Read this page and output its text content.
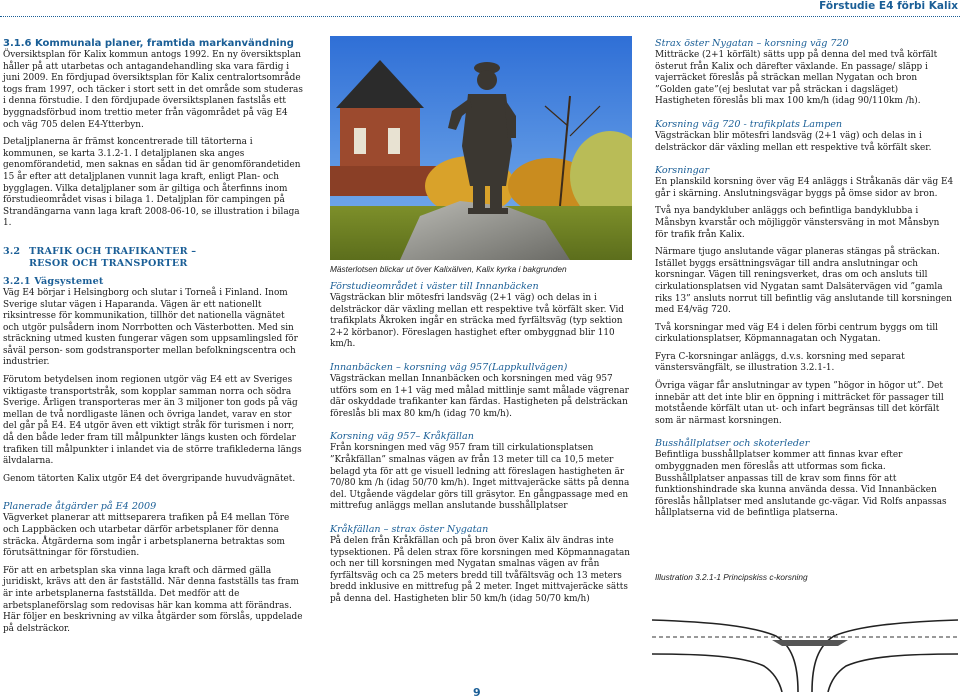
Förstudie E4 förbi Kalix
3.1.6 Kommunala planer, framtida markanvändning

Översiktsplan för Kalix kommun antogs 1992. En ny översiktsplan håller på att utarbetas och antagandehandling ska vara färdig i juni 2009. En fördjupad översiktsplan för Kalix centralortsområde togs fram 1997, och täcker i stort sett in det område som studeras i denna förstudie. I den fördjupade översiktsplanen fastslås ett byggnadsförbud inom trettio meter från vägområdet på väg E4 och väg 705 delen E4-Ytterbyn.

Detaljplanerna är främst koncentrerade till tätorterna i kommunen, se karta 3.1.2-1. I detaljplanen ska anges genomförandetid, men saknas en sådan tid är genomförandetiden 15 år efter att detaljplanen vunnit laga kraft, enligt Plan- och bygglagen. Vilka detaljplaner som är giltiga och återfinns inom förstudieområdet visas i bilaga 1. Detaljplan för campingen på Strandängarna vann laga kraft 2008-06-10, se illustration i bilaga 1.

3.2 TRAFIK OCH TRAFIKANTER –
RESOR OCH TRANSPORTER
3.2.1 Vägsystemet

Väg E4 börjar i Helsingborg och slutar i Torneå i Finland. Inom Sverige slutar vägen i Haparanda. Vägen är ett nationellt riksintresse för kommunikation, tillhör det nationella vägnätet och utgör pulsådern inom Norrbotten och Västerbotten. Med sin sträckning utmed kusten fungerar vägen som uppsamlingsled för såväl person- som godstransporter mellan befolkningscentra och industrier.

Förutom betydelsen inom regionen utgör väg E4 ett av Sveriges viktigaste transportstråk, som kopplar samman norra och södra Sverige. Årligen transporteras mer än 3 miljoner ton gods på väg mellan de två nordligaste länen och övriga landet, varav en stor del går på E4. E4 utgör även ett viktigt stråk för turismen i norr, då den både leder fram till målpunkter längs kusten och fördelar trafiken till målpunkter i inlandet via de större trafiklederna längs älvdalarna.

Genom tätorten Kalix utgör E4 det övergripande huvudvägnätet.

Planerade åtgärder på E4 2009

Vägverket planerar att mittseparera trafiken på E4 mellan Töre och Lappbäcken och utarbetar därför arbetsplaner för denna sträcka. Åtgärderna som ingår i arbetsplanerna betraktas som förutsättningar för förstudien.

För att en arbetsplan ska vinna laga kraft och därmed gälla juridiskt, krävs att den är fastställd. När denna fastställs tas fram är inte arbetsplanerna fastställda. Det medför att de arbetsplaneförslag som redovisas här kan komma att förändras. Här följer en beskrivning av vilka åtgärder som förslås, uppdelade på delsträckor.

Mästerlotsen blickar ut över Kalixälven, Kalix kyrka i bakgrunden
Förstudieområdet i väster till Innanbäcken

Vägsträckan blir mötesfri landsväg (2+1 väg) och delas in i delsträckor där växling mellan ett respektive två körfält sker. Vid trafikplats Åkroken ingår en sträcka med fyrfältsväg (typ sektion 2+2 körbanor). Föreslagen hastighet efter ombyggnad blir 110 km/h.

Innanbäcken – korsning väg 957(Lappkullvägen)

Vägsträckan mellan Innanbäcken och korsningen med väg 957 utförs som en 1+1 väg med målad mittlinje samt målade vägrenar där oskyddade trafikanter kan färdas. Hastigheten på delsträckan föreslås bli max 80 km/h (idag 70 km/h).

Korsning väg 957– Kråkfällan

Från korsningen med väg 957 fram till cirkulationsplatsen ”Kråkfällan” smalnas vägen av från 13 meter till ca 10,5 meter belagd yta för att ge visuell ledning att föreslagen hastigheten är 70/80 km /h (idag 50/70 km/h). Inget mittvajeräcke sätts på denna del. Utgående vägdelar görs till gräsytor. En gångpassage med en mittrefug anläggs mellan anslutande busshållplatser

Kråkfällan – strax öster Nygatan

På delen från Kråkfällan och på bron över Kalix älv ändras inte typsektionen. På delen strax före korsningen med Köpmannagatan och ner till korsningen med Nygatan smalnas vägen av från fyrfältsväg och ca 25 meters bredd till tvåfältsväg och 13 meters bredd inklusive en mittrefug på 2 meter. Inget mittvajeräcke sätts på denna del. Hastigheten blir 50 km/h (idag 50/70 km/h)

Strax öster Nygatan – korsning väg 720

Mitträcke (2+1 körfält) sätts upp på denna del med två körfält österut från Kalix och därefter växlande. En passage/ släpp i vajerräcket föreslås på sträckan mellan Nygatan och bron ”Golden gate”(ej beslutat var på sträckan i dagsläget) Hastigheten föreslås bli max 100 km/h (idag 90/110km /h).

Korsning väg 720 - trafikplats Lampen

Vägsträckan blir mötesfri landsväg (2+1 väg) och delas in i delsträckor där växling mellan ett respektive två körfält sker.

Korsningar

En planskild korsning över väg E4 anläggs i Stråkanäs där väg E4 går i skärning. Anslutningsvägar byggs på ömse sidor av bron.

Två nya bandykluber anläggs och befintliga bandyklubba i Månsbyn kvarstår och möjliggör vänstersväng in mot Månsbyn för trafik från Kalix.

Närmare tjugo anslutande vägar planeras stängas på sträckan. Istället byggs ersättningsvägar till andra anslutningar och korsningar. Vägen till reningsverket, dras om och ansluts till cirkulationsplatsen vid Nygatan samt Dalsätervägen vid ”gamla riks 13” ansluts norrut till befintlig väg anslutande till korsningen med E4/väg 720.

Två korsningar med väg E4 i delen förbi centrum byggs om till cirkulationsplatser, Köpmannagatan och Nygatan.

Fyra C-korsningar anläggs, d.v.s. korsning med separat vänstersvängfält, se illustration 3.2.1-1.

Övriga vägar får anslutningar av typen ”högor in högor ut”. Det innebär att det inte blir en öppning i mitträcket för passager till motstående körfält utan ut- och infart begränsas till det körfält som är närmast korsningen.

Busshållplatser och skoterleder

Befintliga busshållplatser kommer att finnas kvar efter ombyggnaden men föreslås att utformas som ficka. Busshållplatser anpassas till de krav som finns för att funktionshindrade ska kunna använda dessa. Vid Innanbäcken föreslås hållplatser med anslutande gc-vägar. Vid Rolfs anpassas hållplatserna vid de befintliga platserna.

Illustration 3.2.1-1 Principskiss c-korsning
9
